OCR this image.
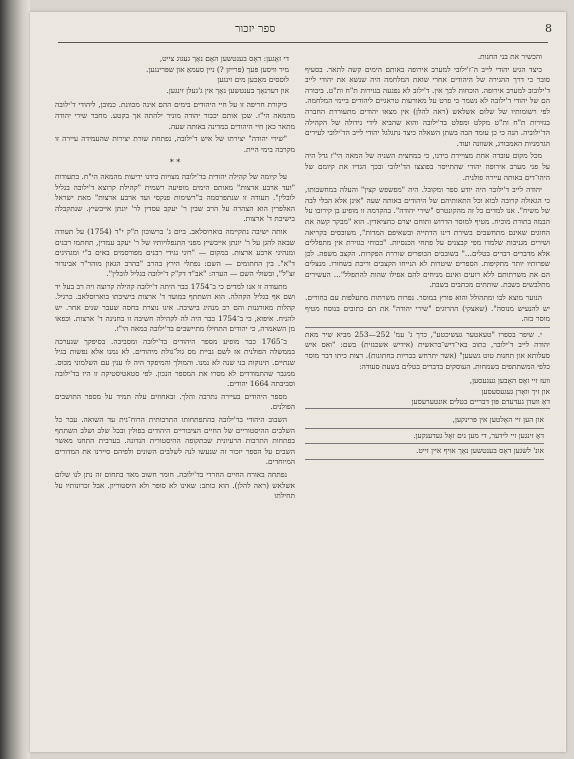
8
ספר יזכור

והכשיר את בני החנות.

כיצד הגיע יהודי לייב ה־ז'ילובי למערב אירופה באותם הימים קשה לתאר. בסעיף סובר כי דרך ההגירה של היהודים אחרי שואת המלחמה היה שנשא את יהודי לייב ד'ילובוב למערב אירופה. הוכחות לכך אין. ד'ילוב לא נפגעה בגזירות ת"ח ות"ט. ביבורה הם של יהודי ד'ילובה לא נשמר כי פרט על מאורעות טראגיים ליהודים ביימי המלחמה. לפי רשומותיו של שלום אשלאש (ראה להלן) אין מצאו יהודים מתעוררת החברה בגזירות ת"ח ות"ט מקלט ומפלט בד'ילובה והוא שהביא לידי גידולה של הקהילה הד'ילוביה. הנה כי כן עומד הבה בשתן השאלה כיצד נתגלגל יהודי לייב הד'ילובי לעירים הגרמניות האמבורג, אשוונה ועוד.

מכל מקום עובדה אחת מצויירת בידנו, כי במחצית השניה של המאה הי"ז גדל היה על פני מערב אירופה יהודי שהתייסר בפוצצו הד'ילובי ובכך הגדיו את קיומם של היהו־דים באותה עיירה פולנית.

יהודה לייב ד'ילובר היה יודע ספר ומקובל. היה "מפשפש קצין" והעלה במחשבותו, כי הגאולה קרובה לבוא וכל התאותיהם של היהודים באותה שעה "אינן אלא הבלי לבה של משיח". אנו למדים כל זה מהקונטרס "שירי יהודה". בהקדמה זו מופיע בן קירובו על הבמה בתורת מוכיח. מטיף למוסר הדרוש ותוחם יצרם כחציאדין. הוא "מבקר קשה את החוגים שאינם מתחשבים בשירת דינו הדתייה ובשאיפם המדות", משובסים בקריאה ושירים מגניבות שלמדו מפי קבצנים על פתחי הכנסיות. "בכוחי כגזירת אין מתפללים אלא מדברים דברים בטלים..." בשובבים הכופרים שוררת הפקרות. הקצב משפה. לכן שפרותיו יותר מתקיפות. הספרים שיטרות לא הנייחו הקצבים וריבת בשחורו. מנצלים הם את משרתותם ללא רועים ואינם מניחים להם אפילו שהות להתפלל"... העשירים מתלבשים בשבת. שותתים מכתבים בשבת.

הנוער מוצא לבו ומתהולל והוא פורץ במוסר. נפרות משרתות מתעלפות עם בחורים. יש להנעיש מנוסה". (שאצקי) ההרוגים "שירי יהודה" את הם כתובים בנוסח מטיף מוסר כזה.

י. שיפר בספרו "טעאטער געשיכטע", כרך ג' עמ' 252—253 מביא שיר מאת יהודה לייב ד'ילובר, כתוב באי־דיש־בראשית (אידיש אשכנזית) בשם: "ואס איש סעלותא און תחנות טוט גשעען" (אשר יתרחש בבריות בחתונות). רצות כיתו דבר מוסר כלפי המשתתפים בשמחות. העוסקים בדברים בטלים בשעת סעודה:

וועז זיי זאָס האָבען געגעסען,
און זיך וואָרן געגעסעסען
דאַ וועדן געדעדם פּון דבריים בטלים אונטערעסען
און הען זיי האָלטען אין פּרינקען,
דאָ זינגען זיי לידער, די מען נים זאָל געדענקען.
אונ' לשגען דאָס בענטשען נאָך אויף איין זייט.
די זאָגען: דאָס בענטשען האָם נאָך געגוג צייט,
מיר וויסען פּעך (פּרייזן ?) ניין סעמאַ און שפּרינגען.
לוססים מאַכען מים זינגען
און דערנאָך בענטשען נאָך אין ג'געלן זינגען.

ביקורת חריפה זו על חיי היהודים בימים ההם אינה מכוונת. כמובן, ליהודי ד'ילובה מהמאה הי"ז. שכן אותם יכבור יהודה מוניר ילהתה אך בקטע. מחבר שירי יהודה מתאר כאן חיי היהודים במדינה באותה שעה.

"שירי יהודה" יצירתו של איש ד'ילובה, נפתחת שורת יצירות שהעמידה עיירה זו מקרבה בימי היית.

* *

על קיומה של קהילה יהודית בד'ילובה מצויות בידנו ידיעות מהמאה הי"ח. בתעודות "ועד ארבע ארצות" מאותם הימים מופיעה רשמית "קהילת קרוצא ד'ילובה בגליל לובלין". תעודה זו שנתפרסמה ב"רשימות פנקסי ועד ארבע ארצות" מאת ישראל האלפרין הוא הצהרה על הרב שבין ר' יעקב עסדין לר' יונתן אייבשיץ. שנתקבלה בישיבת ד' ארצות.

אותה ישיבה נתקיימה בוארוסלאב. ביום ג' ברשוכון ת"ק י"ד (1754) על תעודה שבאה להגן על ר' יונתן אייבשיץ מפני התנפלויותיו של ר' יעקב עמדין, תחתמו רבנים ומנהיגי ארבע ארצות. במקום — "רוני נגידי רבנים מפורסמים באים ב"י ומגהיגים ד"א". בין החתומים — השם: נפתלי הירץ בהרב "בהרב הגאון מוהר"ר אבינדור זצ"ל", ובשולי השם — הערה: "אב"ד דק"ק ד'ילובה בגליל לובלין".

מתעודה זו אנו למדים כי ב־1754 כבר היתה ד'ילובה קהילה קרוצה ויה רב בעל יד ושם אף בגליל הקהלה. הוא השתתף במועד ד' ארצות בישיבתו בוארוסלאב. כרגיל. קהלות מאורגנות והם רב מנהיג בישיבה. אינו נוצרת בחסה שעבר שנים אחר. יש להניח. איפוא, כי ב־1754 כבר היה לה לקהילה חשיבה זו בחנינה ד' ארצות. וכפאו מן השאמרה, כי יהודים התחילו מתיישבים בד'ילובה במאה הי"ז.

ב־1765 כבר מופיע מספר היהודים בד'ילובה ומסביבה. בסיפקך שנערכה בממשלה הפולנית אז לשם גביית מס גול־גולת מיהודים. לא נמנו אלא נפשות בגיל שנתיים. תינוקות בני שנה לא נמנו. והמולך והמיפקד היה לו ענין עם השלמוני מכוס. ממגבר שהתמודדים לא מסרו את המספר הנכון. לפי סטאטיסטיקה זו היו בד'ילובה וסביבתה 1664 יהודים.

מספר היהודים בעיירה נתרבה והלך. ובאחוזים עלה תמיד על מספר התושבים הפולנים.

השבוב היהודי בד'ילובה בהתפתחותו התרבותית הרוח־נית עד השואה. עבר כל השלבים ההיסטוריים של החיים הציבוריים היהודים בפולין ובכל שלב ושלב השתתף בפתחות התרבות הרעיונית שבתקופה ההיסטורית הנדונה. בערבית התחנו מאשר השבים על הספר יזכור זה שנעשו לנה לשלבים השונים ולפיהם סיירנו את המדורים המיוחדים.

נפתחה באורח החיים החרדי בד'ילובה. חומר חשוב מאד בתחום זה נתן לנו שלום אשלאש (ראה להלן). הוא כותב: שאינו לא סופר ולא היסטוריון. אבל זכרונותיו על תחילתו
